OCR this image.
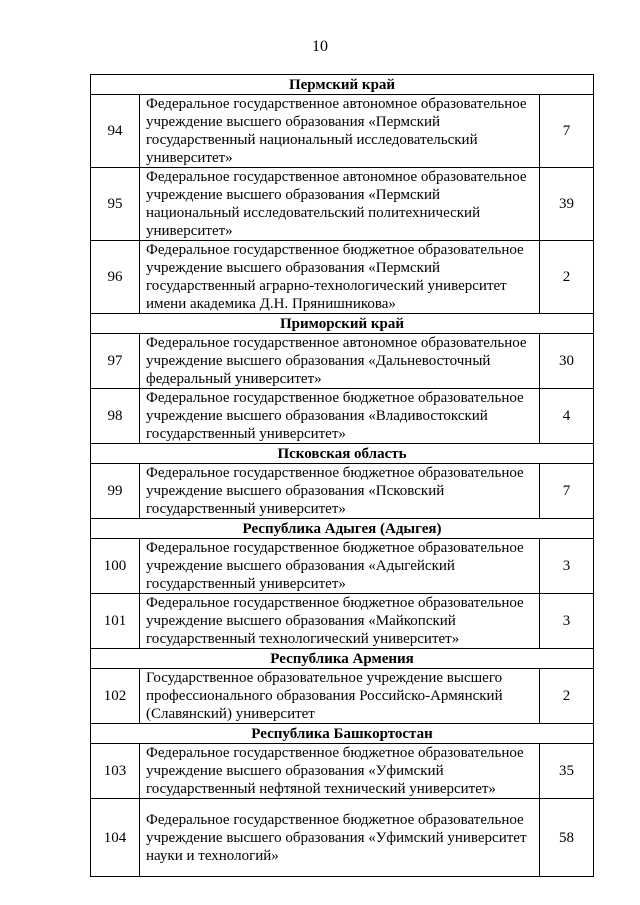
10
Пермский край		
94	Федеральное государственное автономное образовательное учреждение высшего образования «Пермский государственный национальный исследовательский университет»	7
95	Федеральное государственное автономное образовательное учреждение высшего образования «Пермский национальный исследовательский политехнический университет»	39
96	Федеральное государственное бюджетное образовательное учреждение высшего образования «Пермский государственный аграрно-технологический университет имени академика Д.Н. Прянишникова»	2
Приморский край		
97	Федеральное государственное автономное образовательное учреждение высшего образования «Дальневосточный федеральный университет»	30
98	Федеральное государственное бюджетное образовательное учреждение высшего образования «Владивостокский государственный университет»	4
Псковская область		
99	Федеральное государственное бюджетное образовательное учреждение высшего образования «Псковский государственный университет»	7
Республика Адыгея (Адыгея)		
100	Федеральное государственное бюджетное образовательное учреждение высшего образования «Адыгейский государственный университет»	3
101	Федеральное государственное бюджетное образовательное учреждение высшего образования «Майкопский государственный технологический университет»	3
Республика Армения		
102	Государственное образовательное учреждение высшего профессионального образования Российско-Армянский (Славянский) университет	2
Республика Башкортостан		
103	Федеральное государственное бюджетное образовательное учреждение высшего образования «Уфимский государственный нефтяной технический университет»	35
104	Федеральное государственное бюджетное образовательное учреждение высшего образования «Уфимский университет науки и технологий»	58
